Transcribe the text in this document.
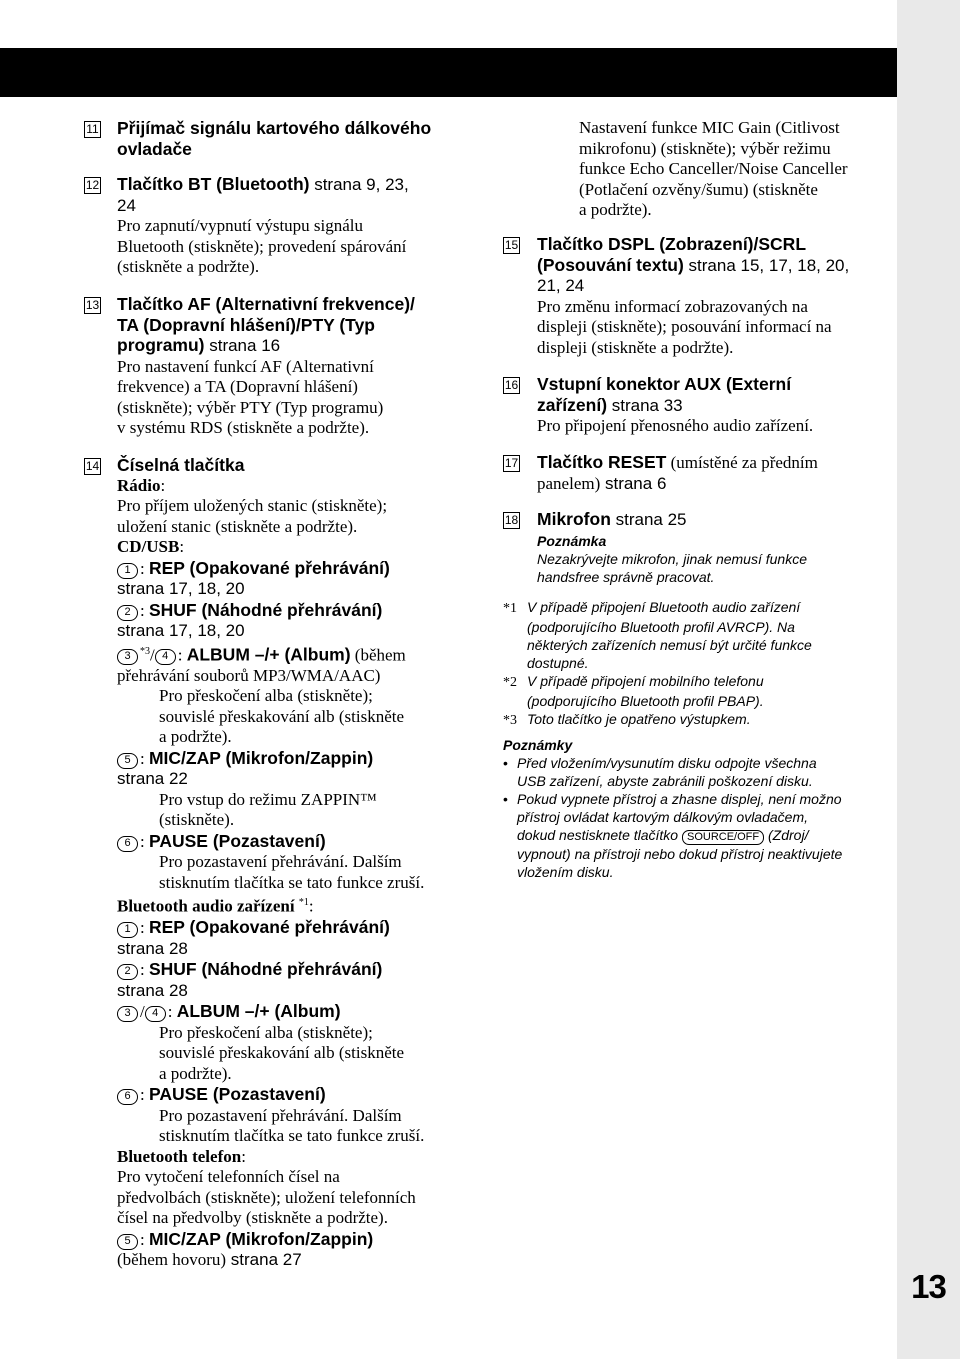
13
11 Přijímač signálu kartového dálkového
ovladače
12 Tlačítko BT (Bluetooth) strana 9, 23,
24
Pro zapnutí/vypnutí výstupu signálu
Bluetooth (stiskněte); provedení spárování
(stiskněte a podržte).
13 Tlačítko AF (Alternativní frekvence)/
TA (Dopravní hlášení)/PTY (Typ
programu) strana 16
Pro nastavení funkcí AF (Alternativní
frekvence) a TA (Dopravní hlášení)
(stiskněte); výběr PTY (Typ programu)
v systému RDS (stiskněte a podržte).
14 Číselná tlačítka
Rádio:
Pro příjem uložených stanic (stiskněte);
uložení stanic (stiskněte a podržte).
CD/USB:
1 : REP (Opakované přehrávání)
strana 17, 18, 20
2 : SHUF (Náhodné přehrávání)
strana 17, 18, 20
3 $^{*3}$/ 4 : ALBUM –/+ (Album) (během
přehrávání souborů MP3/WMA/AAC)
Pro přeskočení alba (stiskněte);
souvislé přeskakování alb (stiskněte
a podržte).
5 : MIC/ZAP (Mikrofon/Zappin)
strana 22
Pro vstup do režimu ZAPPIN™
(stiskněte).
6 : PAUSE (Pozastavení)
Pro pozastavení přehrávání. Dalším
stisknutím tlačítka se tato funkce zruší.
Bluetooth audio zařízení $^{*1}$:
1 : REP (Opakované přehrávání)
strana 28
2 : SHUF (Náhodné přehrávání)
strana 28
3 / 4 : ALBUM –/+ (Album)
Pro přeskočení alba (stiskněte);
souvislé přeskakování alb (stiskněte
a podržte).
6 : PAUSE (Pozastavení)
Pro pozastavení přehrávání. Dalším
stisknutím tlačítka se tato funkce zruší.
Bluetooth telefon:
Pro vytočení telefonních čísel na
předvolbách (stiskněte); uložení telefonních
čísel na předvolby (stiskněte a podržte).
5 : MIC/ZAP (Mikrofon/Zappin)
(během hovoru) strana 27
Nastavení funkce MIC Gain (Citlivost
mikrofonu) (stiskněte); výběr režimu
funkce Echo Canceller/Noise Canceller
(Potlačení ozvěny/šumu) (stiskněte
a podržte).
15 Tlačítko DSPL (Zobrazení)/SCRL
(Posouvání textu) strana 15, 17, 18, 20,
21, 24
Pro změnu informací zobrazovaných na
displeji (stiskněte); posouvání informací na
displeji (stiskněte a podržte).
16 Vstupní konektor AUX (Externí
zařízení) strana 33
Pro připojení přenosného audio zařízení.
17 Tlačítko RESET (umístěné za předním
panelem) strana 6
18 Mikrofon strana 25
Poznámka
Nezakrývejte mikrofon, jinak nemusí funkce
handsfree správně pracovat.
*1 V případě připojení Bluetooth audio zařízení
(podporujícího Bluetooth profil AVRCP). Na
některých zařízeních nemusí být určité funkce
dostupné.
*2 V případě připojení mobilního telefonu
(podporujícího Bluetooth profil PBAP).
*3 Toto tlačítko je opatřeno výstupkem.
Poznámky
• Před vložením/vysunutím disku odpojte všechna
USB zařízení, abyste zabránili poškození disku.
• Pokud vypnete přístroj a zhasne displej, není možno
přístroj ovládat kartovým dálkovým ovladačem,
dokud nestisknete tlačítko SOURCE/OFF (Zdroj/
vypnout) na přístroji nebo dokud přístroj neaktivujete
vložením disku.
